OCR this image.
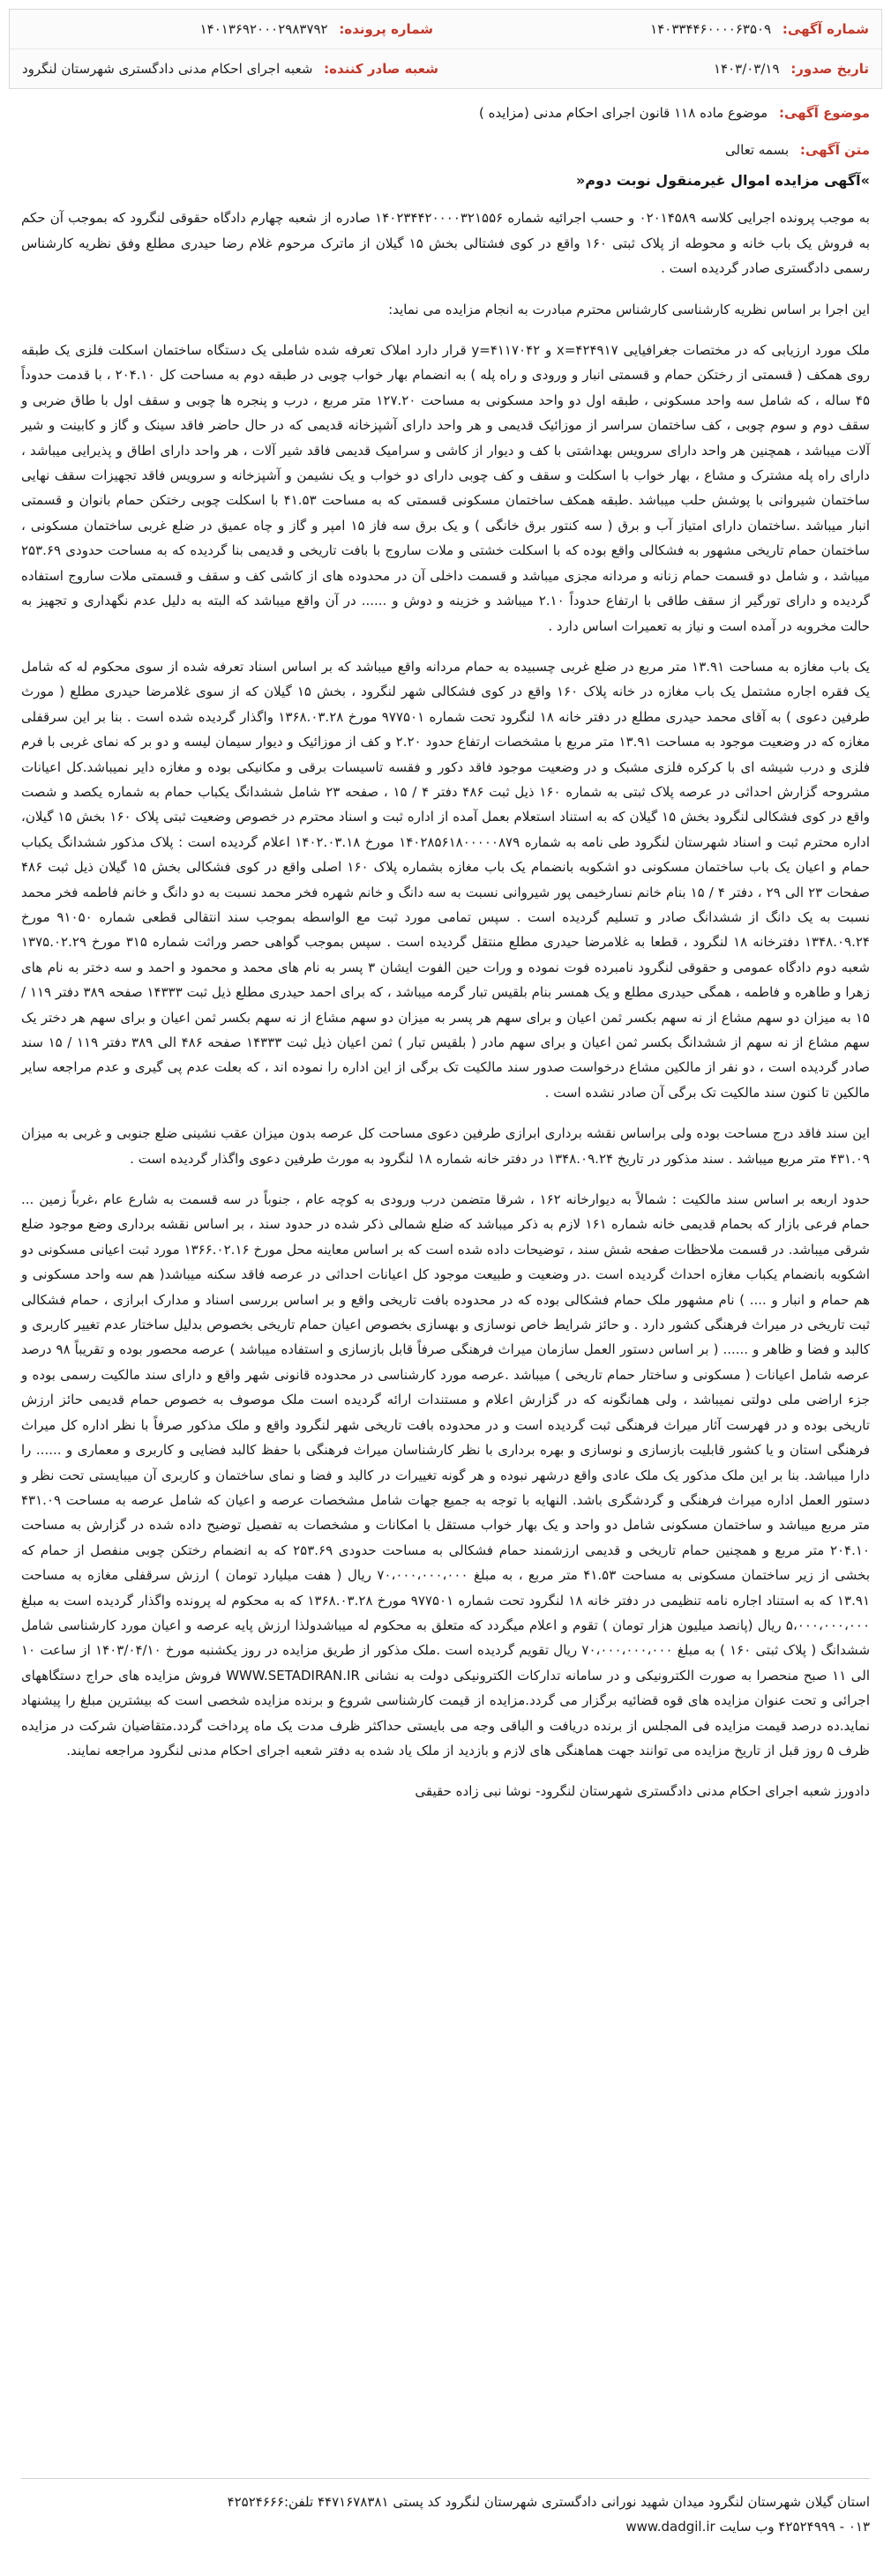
شماره آگهی: ۱۴۰۳۳۴۴۶۰۰۰۰۶۳۵۰۹
شماره پرونده: ۱۴۰۱۳۶۹۲۰۰۰۲۹۸۳۷۹۲
تاریخ صدور: ۱۴۰۳/۰۳/۱۹
شعبه صادر کننده: شعبه اجرای احکام مدنی دادگستری شهرستان لنگرود
موضوع آگهی: موضوع ماده ۱۱۸ قانون اجرای احکام مدنی (مزایده )
متن آگهی: بسمه تعالی
»آگهی مزایده اموال غیرمنقول نوبت دوم«

به موجب پرونده اجرایی کلاسه ۰۲۰۱۴۵۸۹ و حسب اجرائیه شماره ۱۴۰۲۳۴۴۲۰۰۰۰۳۲۱۵۵۶ صادره از شعبه چهارم دادگاه حقوقی لنگرود که بموجب آن حکم به فروش یک باب خانه و محوطه از پلاک ثبتی ۱۶۰ واقع در کوی فشتالی بخش ۱۵ گیلان از ماترک مرحوم غلام رضا حیدری مطلع وفق نظریه کارشناس رسمی دادگستری صادر گردیده است .

این اجرا بر اساس نظریه کارشناسی کارشناس محترم مبادرت به انجام مزایده می نماید:

ملک مورد ارزیابی که در مختصات جغرافیایی ۴۲۴۹۱۷=x و ۴۱۱۷۰۴۲=y قرار دارد املاک تعرفه شده شاملی یک دستگاه ساختمان اسکلت فلزی یک طبقه روی همکف ( قسمتی از رختکن حمام و قسمتی انبار و ورودی و راه پله ) به انضمام بهار خواب چوبی در طبقه دوم به مساحت کل ۲۰۴.۱۰ ، با قدمت حدوداً ۴۵ ساله ، که شامل سه واحد مسکونی ، طبقه اول دو واحد مسکونی به مساحت ۱۲۷.۲۰ متر مربع ، درب و پنجره ها چوبی و سقف اول با طاق ضربی و سقف دوم و سوم چوبی ، کف ساختمان سراسر از موزائیک قدیمی و هر واحد دارای آشپزخانه قدیمی که در حال حاضر فاقد سینک و گاز و کابینت و شیر آلات میباشد ، همچنین هر واحد دارای سرویس بهداشتی با کف و دیوار از کاشی و سرامیک قدیمی فاقد شیر آلات ، هر واحد دارای اطاق و پذیرایی میباشد ، دارای راه پله مشترک و مشاع ، بهار خواب با اسکلت و سقف و کف چوبی دارای دو خواب و یک نشیمن و آشپزخانه و سرویس فاقد تجهیزات سقف نهایی ساختمان شیروانی با پوشش حلب میباشد .طبقه همکف ساختمان مسکونی قسمتی که به مساحت ۴۱.۵۳ با اسکلت چوبی رختکن حمام بانوان و قسمتی انبار میباشد .ساختمان دارای امتیاز آب و برق ( سه کنتور برق خانگی ) و یک برق سه فاز ۱۵ امپر و گاز و چاه عمیق در ضلع غربی ساختمان مسکونی ، ساختمان حمام تاریخی مشهور به فشکالی واقع بوده که با اسکلت خشتی و ملات ساروج با بافت تاریخی و قدیمی بنا گردیده که به مساحت حدودی ۲۵۳.۶۹ میباشد ، و شامل دو قسمت حمام زنانه و مردانه مجزی میباشد و قسمت داخلی آن در محدوده های از کاشی کف و سقف و قسمتی ملات ساروج استفاده گردیده و دارای تورگیر از سقف طاقی با ارتفاع حدوداً ۲.۱۰ میباشد و خزینه و دوش و ...... در آن واقع میباشد که البته به دلیل عدم نگهداری و تجهیز به حالت مخروبه در آمده است و نیاز به تعمیرات اساس دارد .

یک باب مغازه به مساحت ۱۳.۹۱ متر مربع در ضلع غربی چسبیده به حمام مردانه واقع میباشد که بر اساس اسناد تعرفه شده از سوی محکوم له که شامل یک فقره اجاره مشتمل یک باب مغازه در خانه پلاک ۱۶۰ واقع در کوی فشکالی شهر لنگرود ، بخش ۱۵ گیلان که از سوی غلامرضا حیدری مطلع ( مورث طرفین دعوی ) به آقای محمد حیدری مطلع در دفتر خانه ۱۸ لنگرود تحت شماره ۹۷۷۵۰۱ مورخ ۱۳۶۸.۰۳.۲۸ واگذار گردیده شده است . بنا بر این سرقفلی مغازه که در وضعیت موجود به مساحت ۱۳.۹۱ متر مربع با مشخصات ارتفاع حدود ۲.۲۰ و کف از موزائیک و دیوار سیمان لیسه و دو بر که نمای غربی با فرم فلزی و درب شیشه ای با کرکره فلزی مشبک و در وضعیت موجود فاقد دکور و فقسه تاسیسات برقی و مکانیکی بوده و مغازه دایر نمیباشد.کل اعیانات مشروحه گزارش احداثی در عرصه پلاک ثبتی به شماره ۱۶۰ ذیل ثبت ۴۸۶ دفتر ۴ / ۱۵ ، صفحه ۲۳ شامل ششدانگ یکباب حمام به شماره یکصد و شصت واقع در کوی فشکالی لنگرود بخش ۱۵ گیلان که به استناد استعلام بعمل آمده از اداره ثبت و اسناد محترم در خصوص وضعیت ثبتی پلاک ۱۶۰ بخش ۱۵ گیلان، اداره محترم ثبت و اسناد شهرستان لنگرود طی نامه به شماره ۱۴۰۲۸۵۶۱۸۰۰۰۰۰۸۷۹ مورخ ۱۴۰۲.۰۳.۱۸ اعلام گردیده است : پلاک مذکور ششدانگ یکباب حمام و اعیان یک باب ساختمان مسکونی دو اشکوبه بانضمام یک باب مغازه بشماره پلاک ۱۶۰ اصلی واقع در کوی فشکالی بخش ۱۵ گیلان ذیل ثبت ۴۸۶ صفحات ۲۳ الی ۲۹ ، دفتر ۴ / ۱۵ بنام خانم نسارخیمی پور شیروانی نسبت به سه دانگ و خانم شهره فخر محمد نسبت به دو دانگ و خانم فاطمه فخر محمد نسبت به یک دانگ از ششدانگ صادر و تسلیم گردیده است . سپس تمامی مورد ثبت مع الواسطه بموجب سند انتقالی قطعی شماره ۹۱۰۵۰ مورخ ۱۳۴۸.۰۹.۲۴ دفترخانه ۱۸ لنگرود ، قطعا به غلامرضا حیدری مطلع منتقل گردیده است . سپس بموجب گواهی حصر وراثت شماره ۳۱۵ مورخ ۱۳۷۵.۰۲.۲۹ شعبه دوم دادگاه عمومی و حقوقی لنگرود نامبرده فوت نموده و ورات حین الفوت ایشان ۳ پسر به نام های محمد و محمود و احمد و سه دختر به نام های زهرا و طاهره و فاطمه ، همگی حیدری مطلع و یک همسر بنام بلقیس تبار گرمه میباشد ، که برای احمد حیدری مطلع ذیل ثبت ۱۴۳۳۳ صفحه ۳۸۹ دفتر ۱۱۹ / ۱۵ به میزان دو سهم مشاع از نه سهم بکسر ثمن اعیان و برای سهم هر پسر به میزان دو سهم مشاع از نه سهم بکسر ثمن اعیان و برای سهم هر دختر یک سهم مشاع از نه سهم از ششدانگ بکسر ثمن اعیان و برای سهم مادر ( بلقیس تبار ) ثمن اعیان ذیل ثبت ۱۴۳۳۳ صفحه ۴۸۶ الی ۳۸۹ دفتر ۱۱۹ / ۱۵ سند صادر گردیده است ، دو نفر از مالکین مشاع درخواست صدور سند مالکیت تک برگی از این اداره را نموده اند ، که بعلت عدم پی گیری و عدم مراجعه سایر مالکین تا کنون سند مالکیت تک برگی آن صادر نشده است .

این سند فاقد درج مساحت بوده ولی براساس نقشه برداری ابرازی طرفین دعوی مساحت کل عرصه بدون میزان عقب نشینی ضلع جنوبی و غربی به میزان ۴۳۱.۰۹ متر مربع میباشد . سند مذکور در تاریخ ۱۳۴۸.۰۹.۲۴ در دفتر خانه شماره ۱۸ لنگرود به مورث طرفین دعوی واگذار گردیده است .

حدود اربعه بر اساس سند مالکیت : شمالاً به دیوارخانه ۱۶۲ ، شرقا متضمن درب ورودی به کوچه عام ، جنوباً در سه قسمت به شارع عام ،غرباً زمین ... حمام فرعی بازار که بحمام قدیمی خانه شماره ۱۶۱ لازم به ذکر میباشد که ضلع شمالی ذکر شده در حدود سند ، بر اساس نقشه برداری وضع موجود ضلع شرقی میباشد. در قسمت ملاحظات صفحه شش سند ، توضیحات داده شده است که بر اساس معاینه محل مورخ ۱۳۶۶.۰۲.۱۶ مورد ثبت اعیانی مسکونی دو اشکوبه بانضمام یکباب مغازه احداث گردیده است .در وضعیت و طبیعت موجود کل اعیانات احداثی در عرصه فاقد سکنه میباشد( هم سه واحد مسکونی و هم حمام و انبار و .... ) نام مشهور ملک حمام فشکالی بوده که در محدوده بافت تاریخی واقع و بر اساس بررسی اسناد و مدارک ابرازی ، حمام فشکالی ثبت تاریخی در میراث فرهنگی کشور دارد . و حائز شرایط خاص نوسازی و بهسازی بخصوص اعیان حمام تاریخی بخصوص بدلیل ساختار عدم تغییر کاربری و کالبد و فضا و ظاهر و ...... ( بر اساس دستور العمل سازمان میراث فرهنگی صرفاً قابل بازسازی و استفاده میباشد ) عرصه محصور بوده و تقریباً ۹۸ درصد عرصه شامل اعیانات ( مسکونی و ساختار حمام تاریخی ) میباشد .عرصه مورد کارشناسی در محدوده قانونی شهر واقع و دارای سند مالکیت رسمی بوده و جزء اراضی ملی دولتی نمیباشد ، ولی همانگونه که در گزارش اعلام و مستندات ارائه گردیده است ملک موصوف به خصوص حمام قدیمی حائز ارزش تاریخی بوده و در فهرست آثار میراث فرهنگی ثبت گردیده است و در محدوده بافت تاریخی شهر لنگرود واقع و ملک مذکور صرفاً با نظر اداره کل میراث فرهنگی استان و یا کشور قابلیت بازسازی و نوسازی و بهره برداری با نظر کارشناسان میراث فرهنگی با حفظ کالبد فضایی و کاربری و معماری و ...... را دارا میباشد. بنا بر این ملک مذکور یک ملک عادی واقع درشهر نبوده و هر گونه تغییرات در کالبد و فضا و نمای ساختمان و کاربری آن میبایستی تحت نظر و دستور العمل اداره میراث فرهنگی و گردشگری باشد. النهایه با توجه به جمیع جهات شامل مشخصات عرصه و اعیان که شامل عرصه به مساحت ۴۳۱.۰۹ متر مربع میباشد و ساختمان مسکونی شامل دو واحد و یک بهار خواب مستقل با امکانات و مشخصات به تفصیل توضیح داده شده در گزارش به مساحت ۲۰۴.۱۰ متر مربع و همچنین حمام تاریخی و قدیمی ارزشمند حمام فشکالی به مساحت حدودی ۲۵۳.۶۹ که به انضمام رختکن چوبی منفصل از حمام که بخشی از زیر ساختمان مسکونی به مساحت ۴۱.۵۳ متر مربع ، به مبلغ ۷۰،۰۰۰،۰۰۰،۰۰۰ ریال ( هفت میلیارد تومان ) ارزش سرقفلی مغازه به مساحت ۱۳.۹۱ که به استناد اجاره نامه تنظیمی در دفتر خانه ۱۸ لنگرود تحت شماره ۹۷۷۵۰۱ مورخ ۱۳۶۸.۰۳.۲۸ که به محکوم له پرونده واگذار گردیده است به مبلغ ۵،۰۰۰،۰۰۰،۰۰۰ ریال (پانصد میلیون هزار تومان ) تقوم و اعلام میگردد که متعلق به محکوم له میباشدولذا ارزش پایه عرصه و اعیان مورد کارشناسی شامل ششدانگ ( پلاک ثبتی ۱۶۰ ) به مبلغ ۷۰،۰۰۰،۰۰۰،۰۰۰ ریال تقویم گردیده است .ملک مذکور از طریق مزایده در روز یکشنبه مورخ ۱۴۰۳/۰۴/۱۰ از ساعت ۱۰ الی ۱۱ صبح منحصرا به صورت الکترونیکی و در سامانه تدارکات الکترونیکی دولت به نشانی WWW.SETADIRAN.IR فروش مزایده های حراج دستگاههای اجرائی و تحت عنوان مزایده های قوه قضائیه برگزار می گردد.مزایده از قیمت کارشناسی شروع و برنده مزایده شخصی است که بیشترین مبلغ را پیشنهاد نماید.ده درصد قیمت مزایده فی المجلس از برنده دریافت و الباقی وجه می بایستی حداکثر ظرف مدت یک ماه پرداخت گردد.متقاضیان شرکت در مزایده ظرف ۵ روز قبل از تاریخ مزایده می توانند جهت هماهنگی های لازم و بازدید از ملک یاد شده به دفتر شعبه اجرای احکام مدنی لنگرود مراجعه نمایند.

دادورز شعبه اجرای احکام مدنی دادگستری شهرستان لنگرود- نوشا نبی زاده حقیقی

استان گیلان شهرستان لنگرود میدان شهید نورانی دادگستری شهرستان لنگرود کد پستی ۴۴۷۱۶۷۸۳۸۱ تلفن:۴۲۵۲۴۶۶۶
۰۱۳ - ۴۲۵۲۴۹۹۹ وب سایت www.dadgil.ir
